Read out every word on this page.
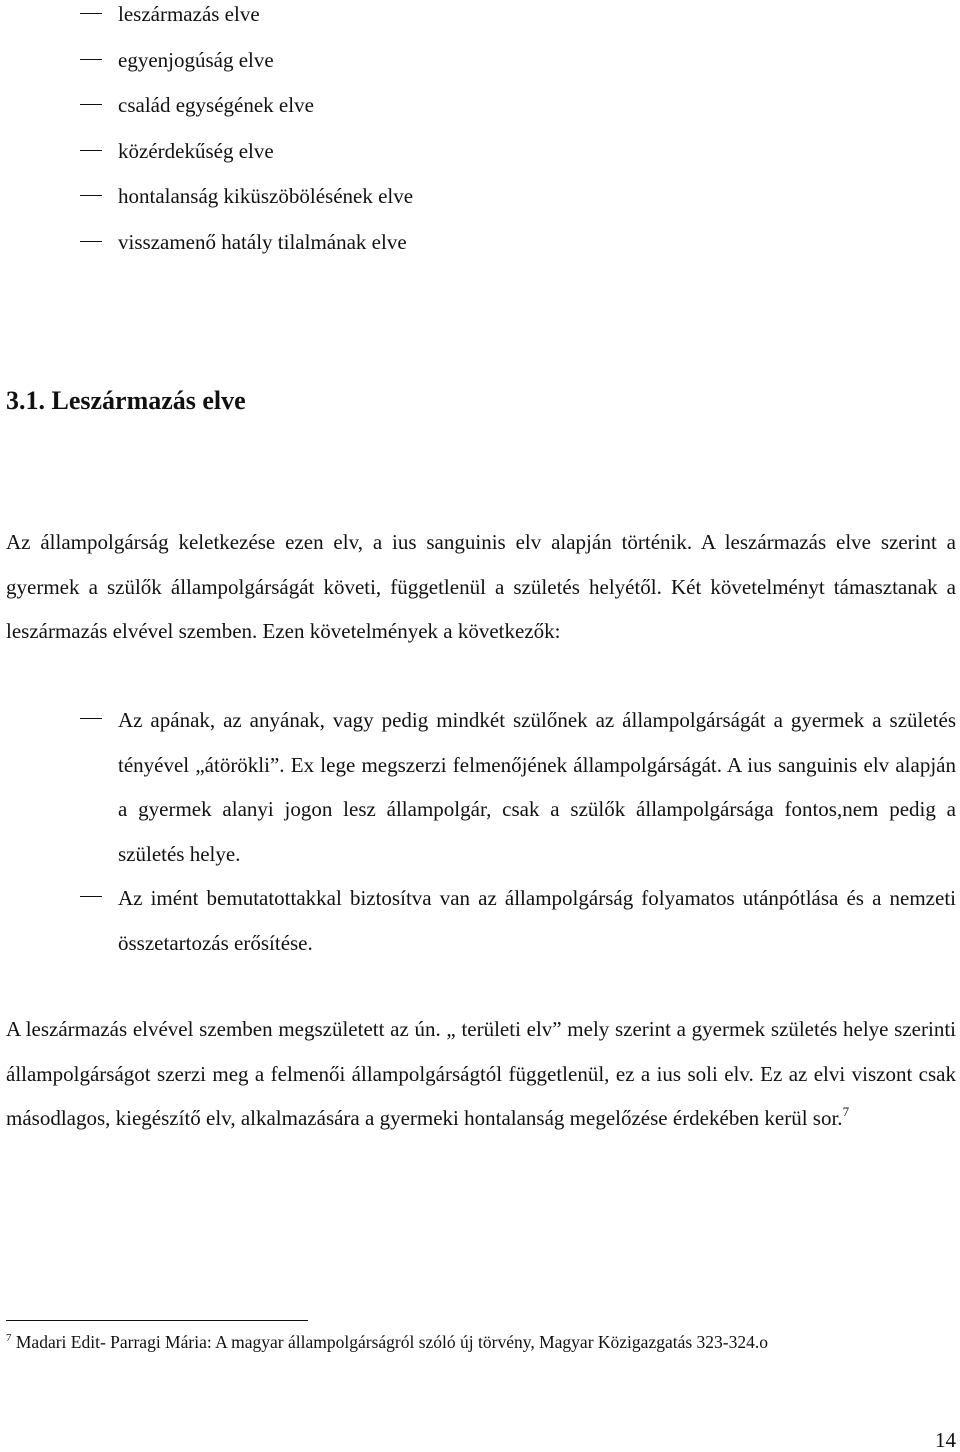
leszármazás elve
egyenjogúság elve
család egységének elve
közérdekűség elve
hontalanság kiküszöbölésének elve
visszamenő hatály tilalmának elve
3.1. Leszármazás elve

Az állampolgárság keletkezése ezen elv, a ius sanguinis elv alapján történik. A leszármazás elve szerint a gyermek a szülők állampolgárságát követi, függetlenül a születés helyétől. Két követelményt támasztanak a leszármazás elvével szemben. Ezen követelmények a következők:

Az apának, az anyának, vagy pedig mindkét szülőnek az állampolgárságát a gyermek a születés tényével „átörökli”. Ex lege megszerzi felmenőjének állampolgárságát. A ius sanguinis elv alapján a gyermek alanyi jogon lesz állampolgár, csak a szülők állampolgársága fontos,nem pedig a születés helye.
Az imént bemutatottakkal biztosítva van az állampolgárság folyamatos utánpótlása és a nemzeti összetartozás erősítése.

A leszármazás elvével szemben megszületett az ún. „ területi elv” mely szerint a gyermek születés helye szerinti állampolgárságot szerzi meg a felmenői állampolgárságtól függetlenül, ez a ius soli elv. Ez az elvi viszont csak másodlagos, kiegészítő elv, alkalmazására a gyermeki hontalanság megelőzése érdekében kerül sor.$^7$

$^7$ Madari Edit- Parragi Mária: A magyar állampolgárságról szóló új törvény, Magyar Közigazgatás 323-324.o

14
